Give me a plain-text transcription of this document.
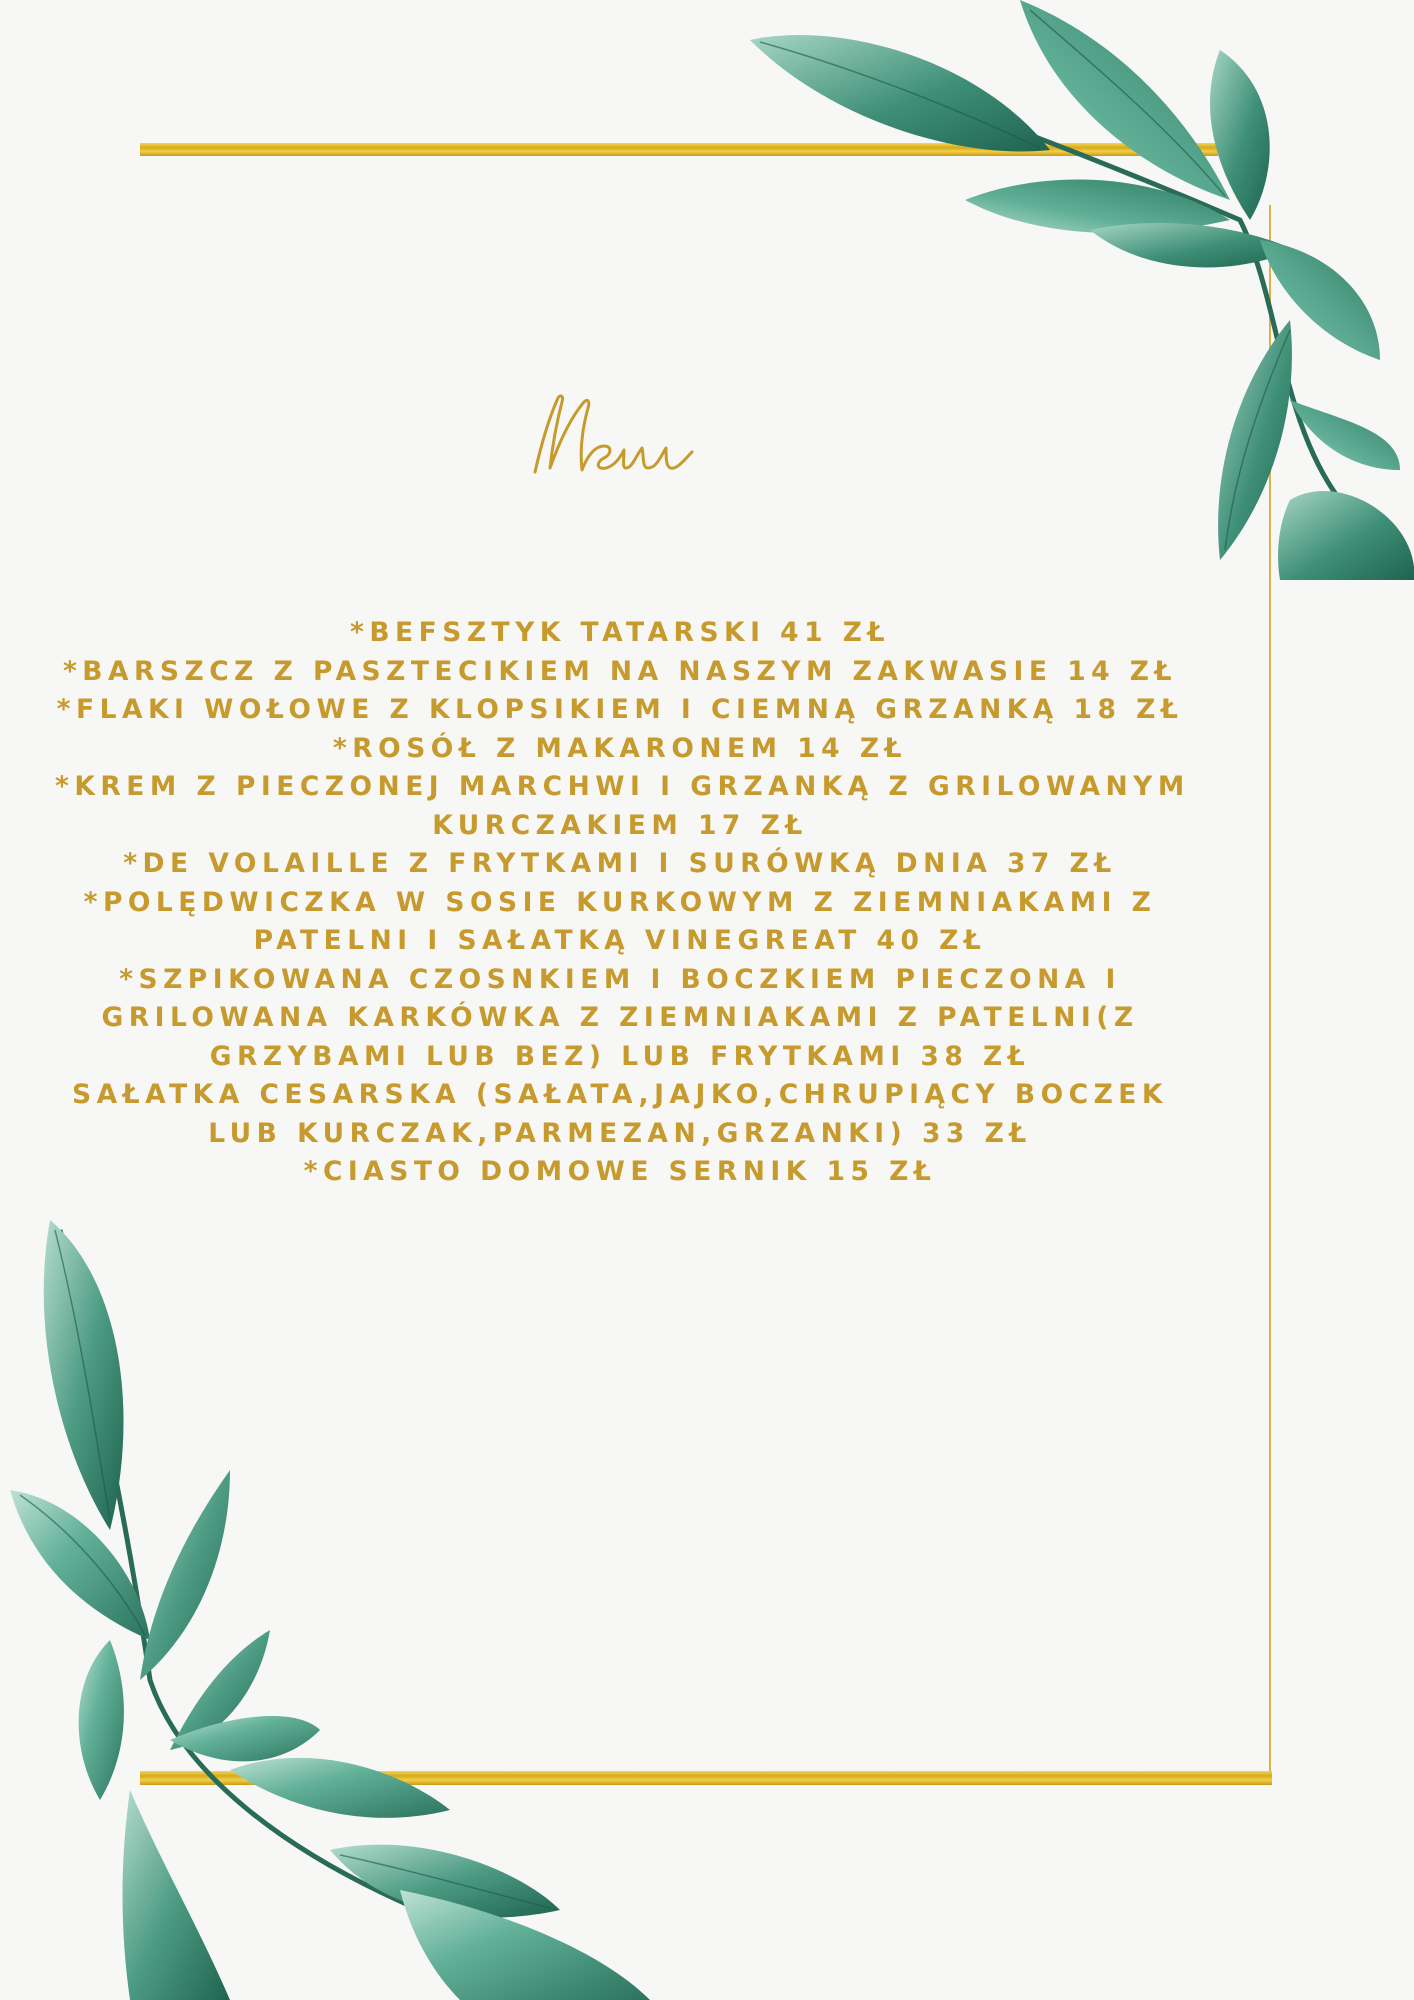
*BEFSZTYK TATARSKI 41 ZŁ
*BARSZCZ Z PASZTECIKIEM NA NASZYM ZAKWASIE 14 ZŁ
*FLAKI WOŁOWE Z KLOPSIKIEM I CIEMNĄ GRZANKĄ 18 ZŁ
*ROSÓŁ Z MAKARONEM 14 ZŁ
*KREM Z PIECZONEJ MARCHWI I GRZANKĄ Z GRILOWANYM
KURCZAKIEM 17 ZŁ
*DE VOLAILLE Z FRYTKAMI I SURÓWKĄ DNIA 37 ZŁ
*POLĘDWICZKA W SOSIE KURKOWYM Z ZIEMNIAKAMI Z
PATELNI I SAŁATKĄ VINEGREAT 40 ZŁ
*SZPIKOWANA CZOSNKIEM I BOCZKIEM PIECZONA I
GRILOWANA KARKÓWKA Z ZIEMNIAKAMI Z PATELNI(Z
GRZYBAMI LUB BEZ) LUB FRYTKAMI 38 ZŁ
SAŁATKA CESARSKA (SAŁATA,JAJKO,CHRUPIĄCY BOCZEK
LUB KURCZAK,PARMEZAN,GRZANKI) 33 ZŁ
*CIASTO DOMOWE SERNIK 15 ZŁ
